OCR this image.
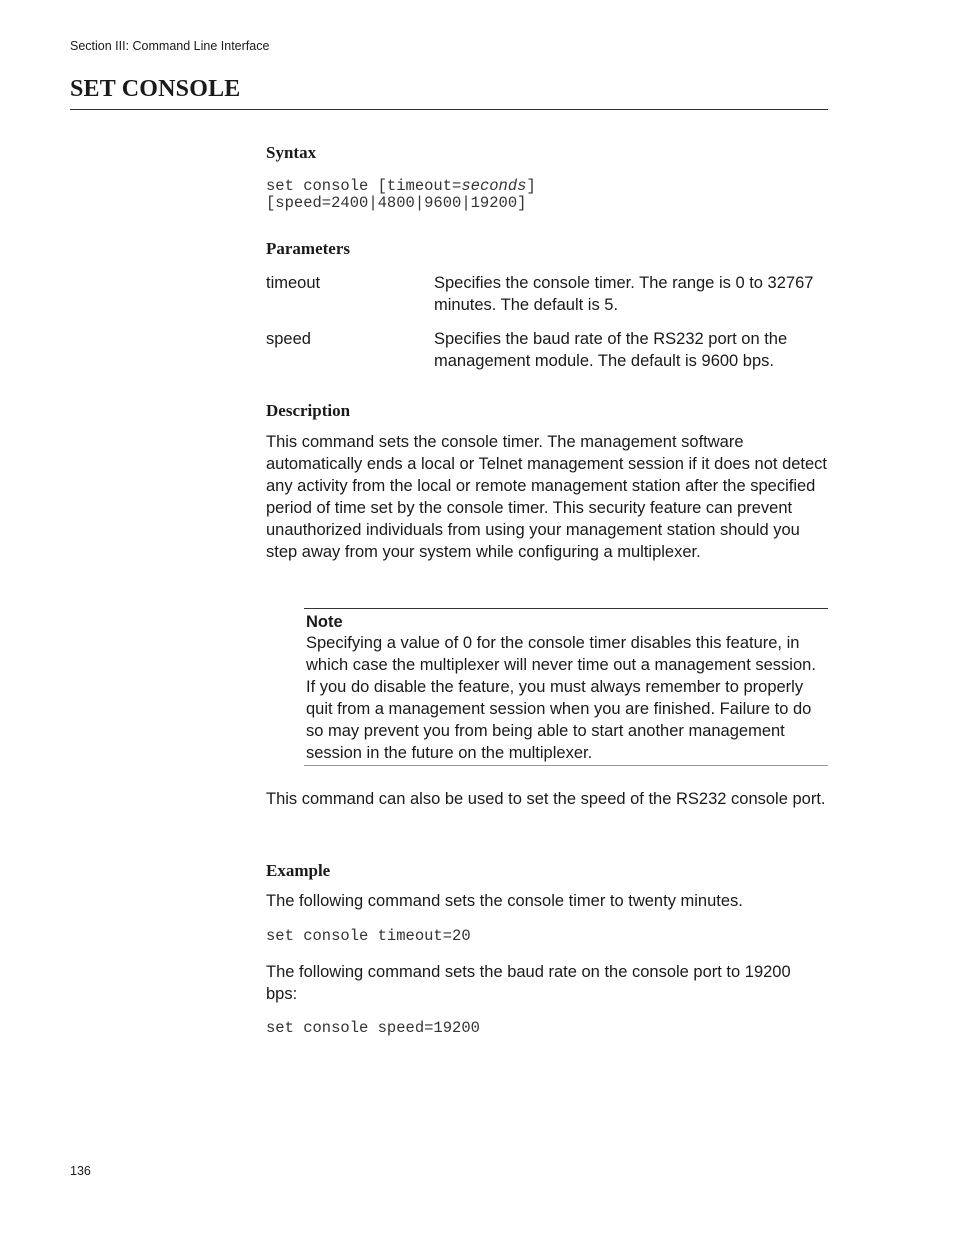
Section III: Command Line Interface
SET CONSOLE
Syntax
set console [timeout=seconds]
[speed=2400|4800|9600|19200]
Parameters
timeout	Specifies the console timer. The range is 0 to 32767 minutes. The default is 5.
speed	Specifies the baud rate of the RS232 port on the management module. The default is 9600 bps.
Description
This command sets the console timer. The management software automatically ends a local or Telnet management session if it does not detect any activity from the local or remote management station after the specified period of time set by the console timer. This security feature can prevent unauthorized individuals from using your management station should you step away from your system while configuring a multiplexer.
Note
Specifying a value of 0 for the console timer disables this feature, in which case the multiplexer will never time out a management session. If you do disable the feature, you must always remember to properly quit from a management session when you are finished. Failure to do so may prevent you from being able to start another management session in the future on the multiplexer.
This command can also be used to set the speed of the RS232 console port.
Example
The following command sets the console timer to twenty minutes.
set console timeout=20
The following command sets the baud rate on the console port to 19200 bps:
set console speed=19200
136
